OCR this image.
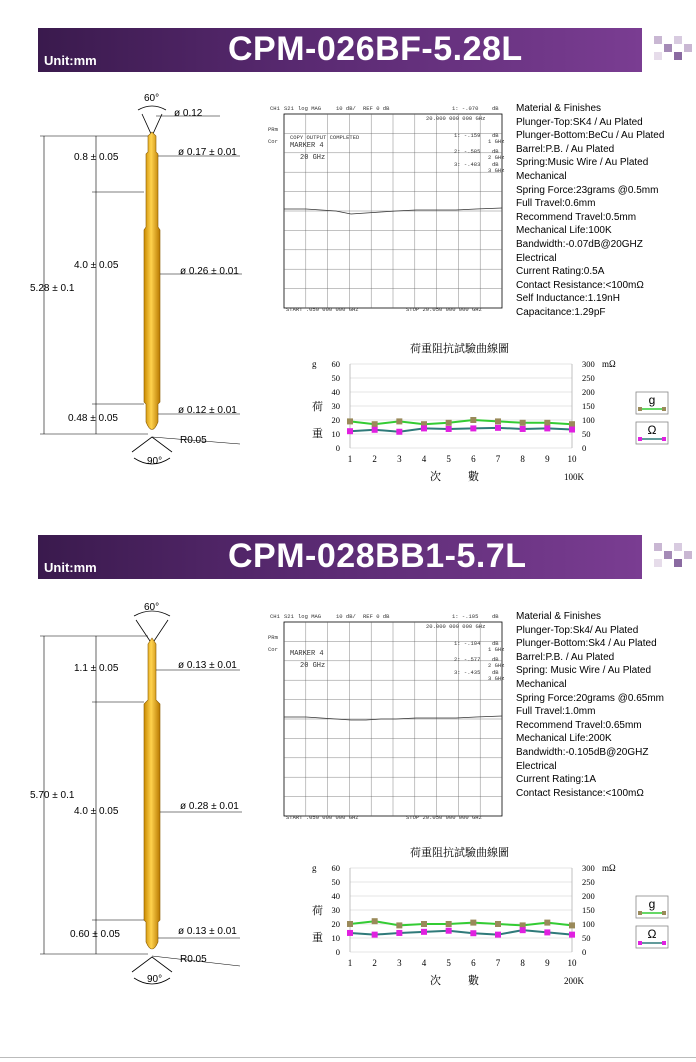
Unit:mm	CPM-026BF-5.28L
60°
ø 0.12
ø 0.17 ± 0.01
0.8 ± 0.05
4.0 ± 0.05
ø 0.26 ± 0.01
5.28 ± 0.1
0.48 ± 0.05
ø 0.12 ± 0.01
R0.05
90°
CH1 S21 log MAG	10 dB/ REF 0 dB	1: -.070 dB
20.000 000 000 GHz
PRm
Cor
COPY OUTPUT COMPLETED
MARKER 4
20 GHz
1: -.159 dB
1 GHz
2: -.585 dB
2 GHz
3: -.483 dB
3 GHz
START .050 000 000 GHz	STOP 20.050 000 000 GHz
Material & Finishes
Plunger-Top:SK4 / Au Plated
Plunger-Bottom:BeCu / Au Plated
Barrel:P.B. / Au Plated
Spring:Music Wire / Au Plated
Mechanical
Spring Force:23grams @0.5mm
Full Travel:0.6mm
Recommend Travel:0.5mm
Mechanical Life:100K
Bandwidth:-0.07dB@20GHZ
Electrical
Current Rating:0.5A
Contact Resistance:<100mΩ
Self Inductance:1.19nH
Capacitance:1.29pF
荷重阻抗試驗曲線圖
0
10
20
30
40
50
60
0
50
100
150
200
250
300
1 2 3 4 5 6 7 8 9 10
g
荷
重
mΩ
次 數	100K
g
Ω
Unit:mm	CPM-028BB1-5.7L
60°
ø 0.13 ± 0.01
1.1 ± 0.05
4.0 ± 0.05	ø 0.28 ± 0.01
5.70 ± 0.1
0.60 ± 0.05	ø 0.13 ± 0.01
R0.05
90°
CH1 S21 log MAG	10 dB/ REF 0 dB	1: -.105 dB
20.000 000 000 GHz
PRm
Cor
MARKER 4
20 GHz
1: -.104 dB
1 GHz
2: -.577 dB
2 GHz
3: -.435 dB
3 GHz
START .050 000 000 GHz	STOP 20.050 000 000 GHz
Material & Finishes
Plunger-Top:Sk4/ Au Plated
Plunger-Bottom:Sk4 / Au Plated
Barrel:P.B. / Au Plated
Spring: Music Wire / Au Plated
Mechanical
Spring Force:20grams @0.65mm
Full Travel:1.0mm
Recommend Travel:0.65mm
Mechanical Life:200K
Bandwidth:-0.105dB@20GHZ
Electrical
Current Rating:1A
Contact Resistance:<100mΩ
荷重阻抗試驗曲線圖
0
10
20
30
40
50
60
0
50
100
150
200
250
300
1 2 3 4 5 6 7 8 9 10
g
荷
重
mΩ
次 數	200K
g
Ω
